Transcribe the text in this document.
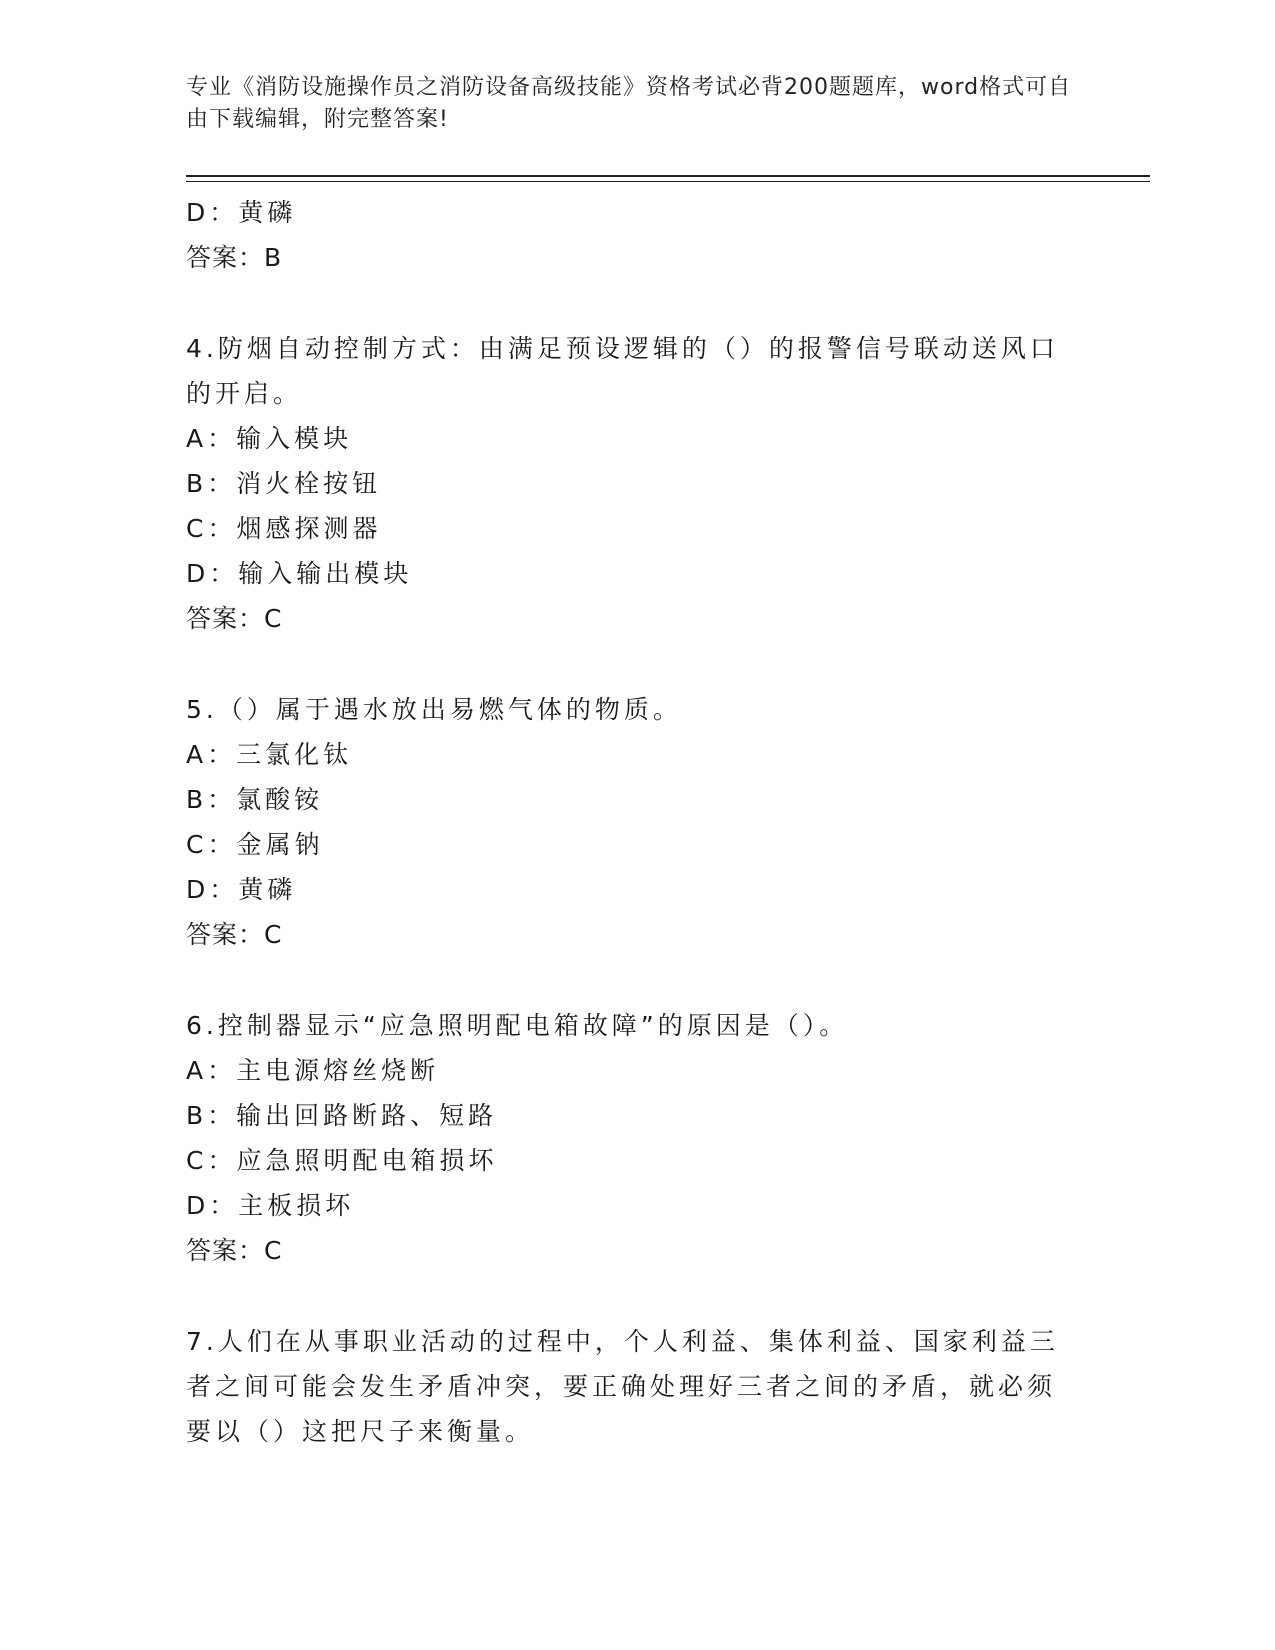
专业《消防设施操作员之消防设备高级技能》资格考试必背200题题库，word格式可自由下载编辑，附完整答案!
D：黄磷
答案：B
4.防烟自动控制方式：由满足预设逻辑的（）的报警信号联动送风口的开启。
A：输入模块
B：消火栓按钮
C：烟感探测器
D：输入输出模块
答案：C
5.（）属于遇水放出易燃气体的物质。
A：三氯化钛
B：氯酸铵
C：金属钠
D：黄磷
答案：C
6.控制器显示“应急照明配电箱故障”的原因是（）。
A：主电源熔丝烧断
B：输出回路断路、短路
C：应急照明配电箱损坏
D：主板损坏
答案：C
7.人们在从事职业活动的过程中，个人利益、集体利益、国家利益三者之间可能会发生矛盾冲突，要正确处理好三者之间的矛盾，就必须要以（）这把尺子来衡量。
